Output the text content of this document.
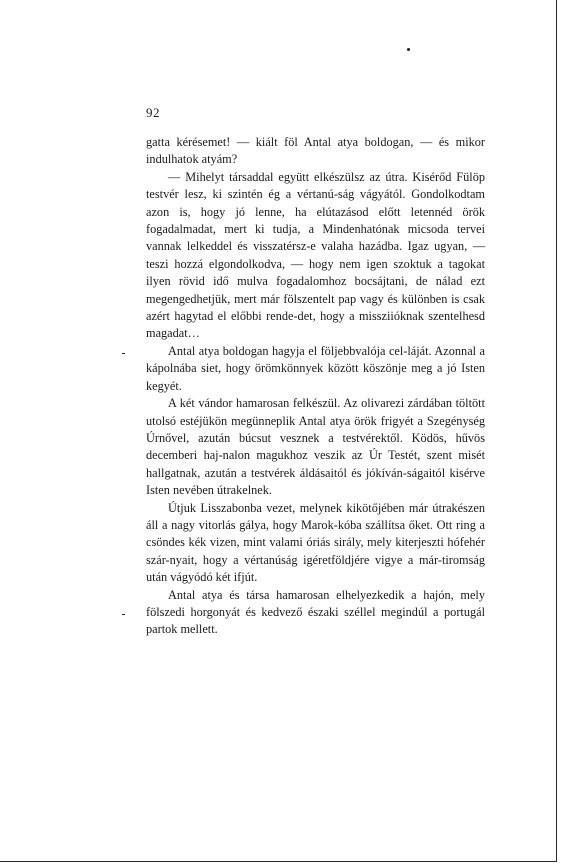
92

gatta kérésemet! — kiált föl Antal atya boldogan, — és mikor indulhatok atyám?

— Mihelyt társaddal együtt elkészülsz az útra. Kisérőd Fülöp testvér lesz, ki szintén ég a vértanú-ság vágyától. Gondolkodtam azon is, hogy jó lenne, ha elútazásod előtt letennéd örök fogadalmadat, mert ki tudja, a Mindenhatónak micsoda tervei vannak lelkeddel és visszatérsz-e valaha hazádba. Igaz ugyan, — teszi hozzá elgondolkodva, — hogy nem igen szoktuk a tagokat ilyen rövid idő mulva fogadalomhoz bocsájtani, de nálad ezt megengedhetjük, mert már fölszentelt pap vagy és különben is csak azért hagytad el előbbi rende-det, hogy a missziióknak szentelhesd magadat…

Antal atya boldogan hagyja el följebbvalója cel-láját. Azonnal a kápolnába siet, hogy örömkönnyek között köszönje meg a jó Isten kegyét.

A két vándor hamarosan felkészül. Az olivarezi zárdában töltött utolsó estéjükön megünneplik Antal atya örök frigyét a Szegénység Úrnővel, azután búcsut vesznek a testvérektől. Ködös, hűvös decemberi haj-nalon magukhoz veszik az Úr Testét, szent misét hallgatnak, azután a testvérek áldásaitól és jókíván-ságaitól kisérve Isten nevében útrakelnek.

Útjuk Lisszabonba vezet, melynek kikötőjében már útrakészen áll a nagy vitorlás gálya, hogy Marok-kóba szállítsa őket. Ott ring a csöndes kék vizen, mint valami óriás sirály, mely kiterjeszti hófehér szár-nyait, hogy a vértanúság igéretföldjére vigye a már-tiromság után vágyódó két ifjút.

Antal atya és társa hamarosan elhelyezkedik a hajón, mely fölszedi horgonyát és kedvező északi széllel megindúl a portugál partok mellett.
